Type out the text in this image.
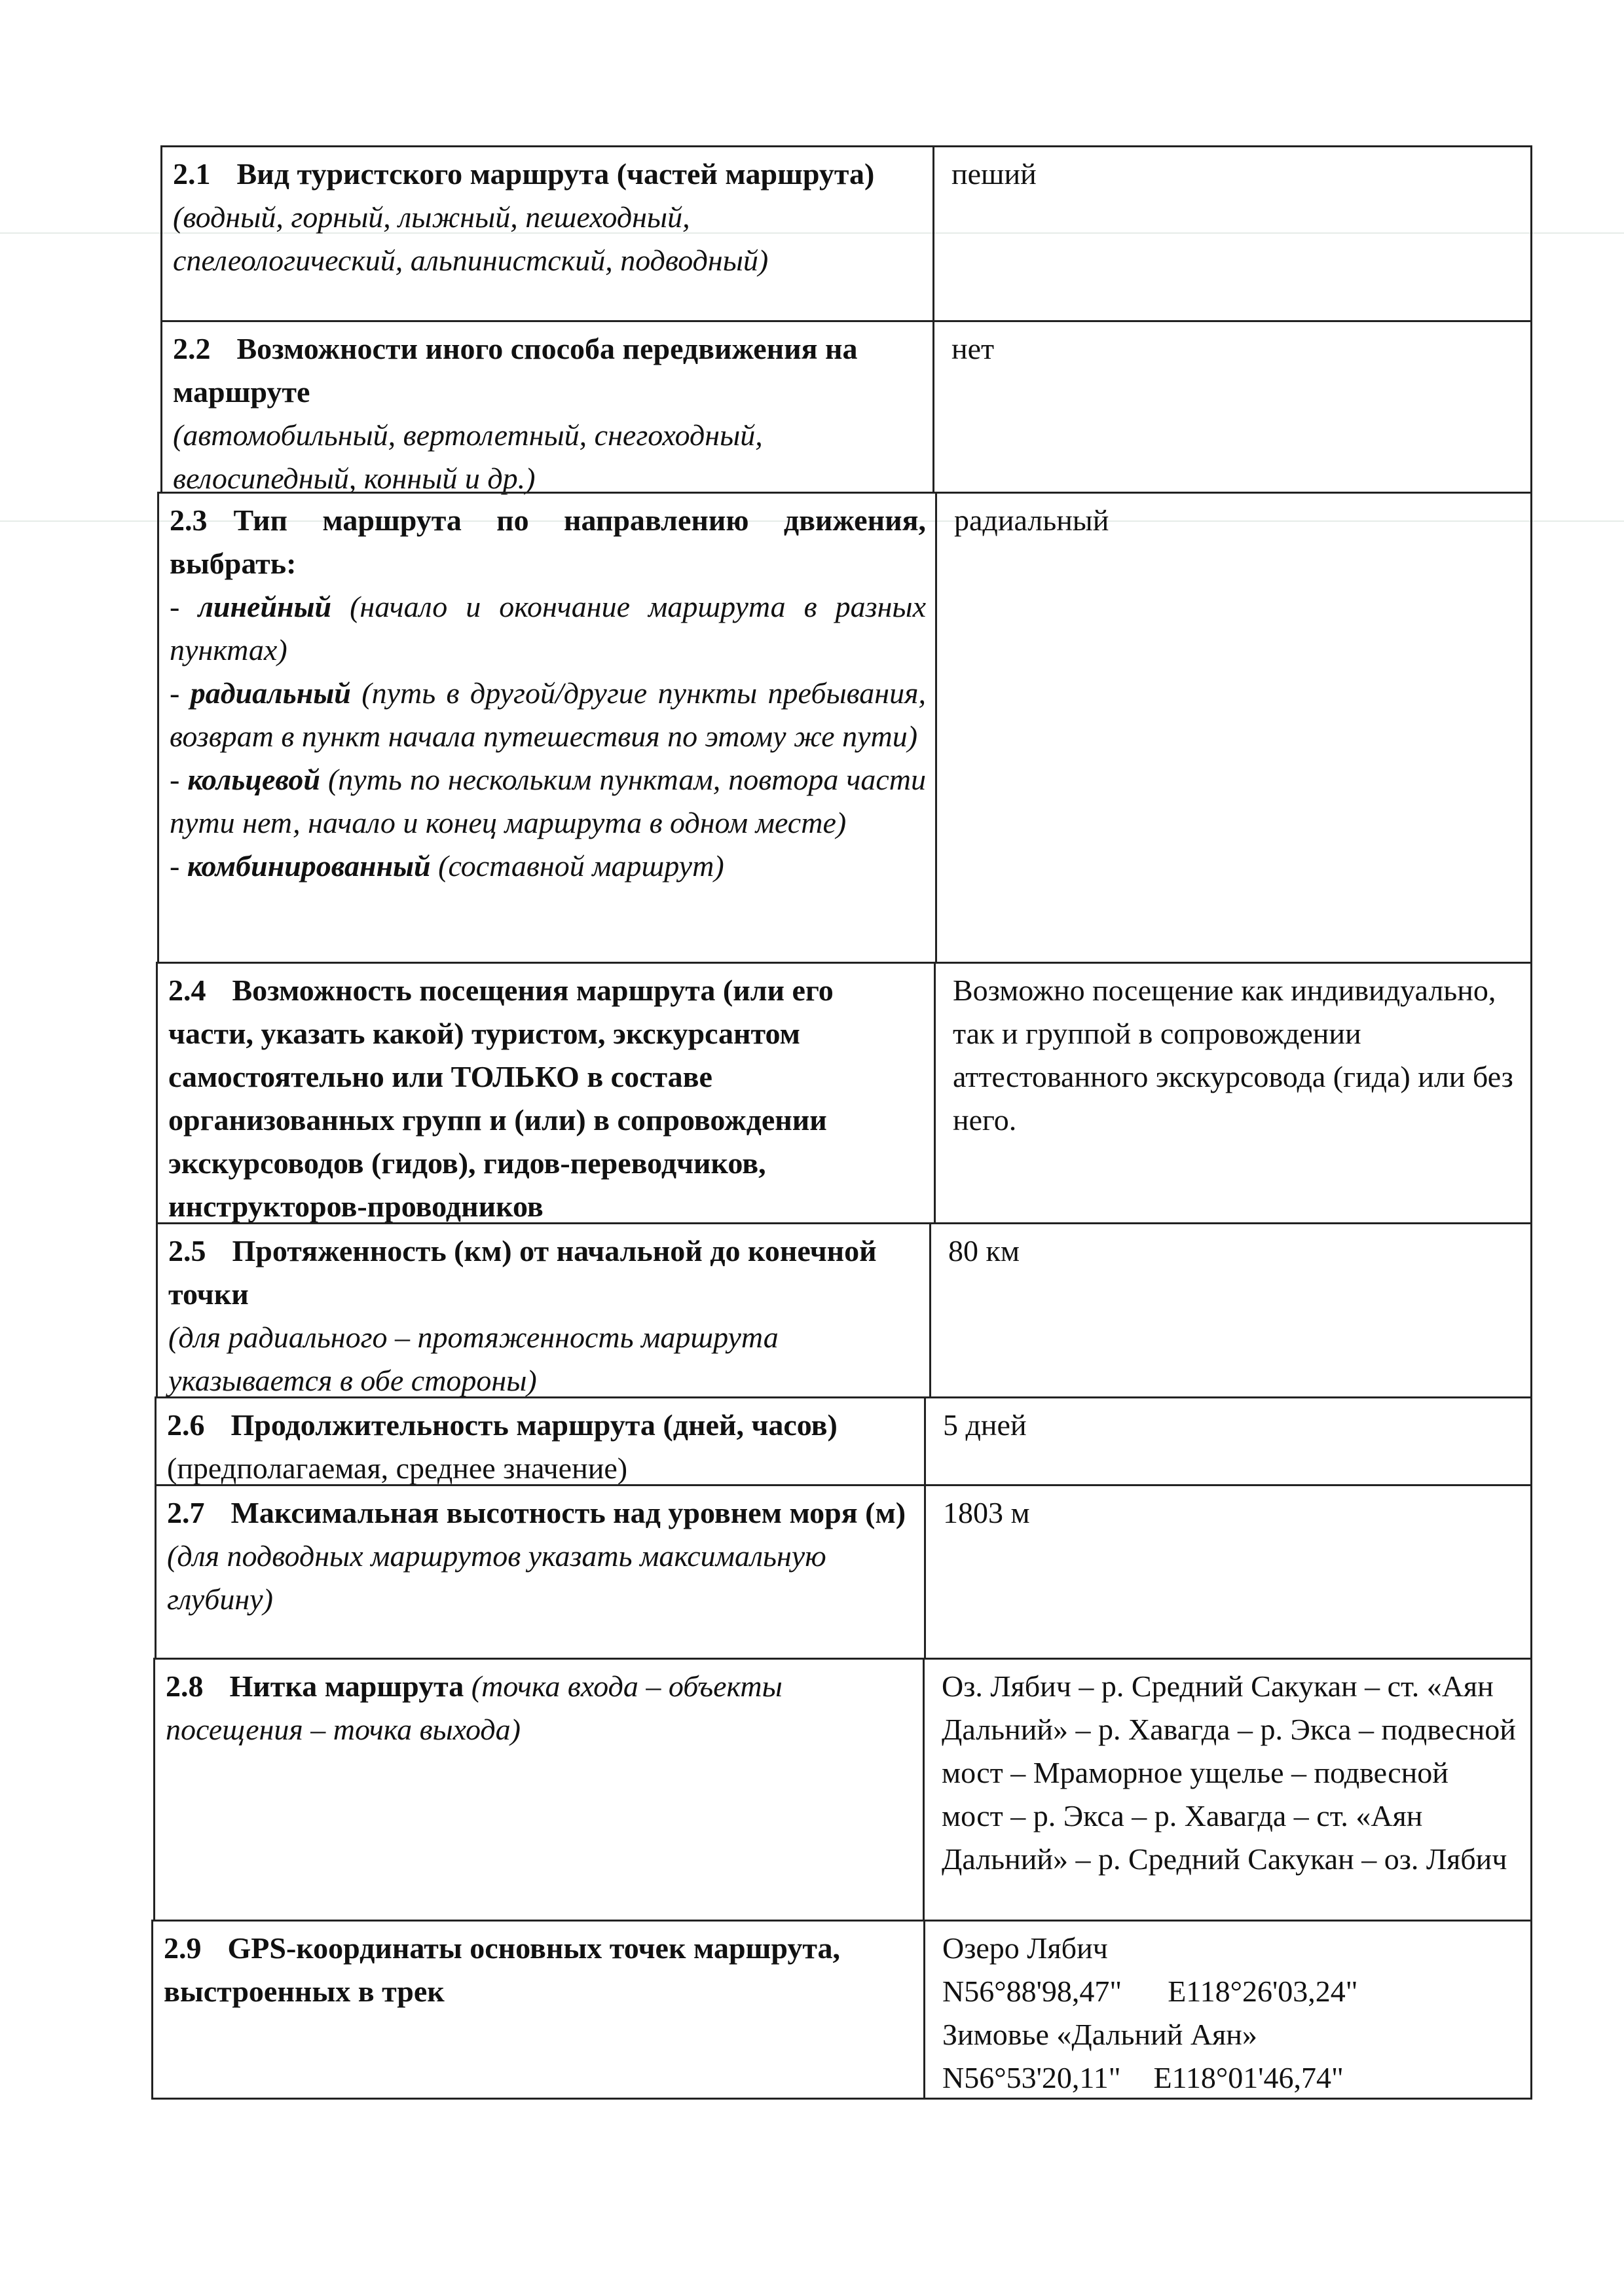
2.1 Вид туристского маршрута (частей маршрута)
(водный, горный, лыжный, пешеходный, спелеологический, альпинистский, подводный)
пеший
2.2 Возможности иного способа передвижения на маршруте
(автомобильный, вертолетный, снегоходный, велосипедный, конный и др.)
нет
2.3 Тип маршрута по направлению движения, выбрать:
- линейный (начало и окончание маршрута в разных пунктах)
- радиальный (путь в другой/другие пункты пребывания, возврат в пункт начала путешествия по этому же пути)
- кольцевой (путь по нескольким пунктам, повтора части пути нет, начало и конец маршрута в одном месте)
- комбинированный (составной маршрут)
радиальный
2.4 Возможность посещения маршрута (или его части, указать какой) туристом, экскурсантом самостоятельно или ТОЛЬКО в составе организованных групп и (или) в сопровождении экскурсоводов (гидов), гидов-переводчиков, инструкторов-проводников
Возможно посещение как индивидуально, так и группой в сопровождении аттестованного экскурсовода (гида) или без него.
2.5 Протяженность (км) от начальной до конечной точки
(для радиального – протяженность маршрута указывается в обе стороны)
80 км
2.6 Продолжительность маршрута (дней, часов)
(предполагаемая, среднее значение)
5 дней
2.7 Максимальная высотность над уровнем моря (м)
(для подводных маршрутов указать максимальную глубину)
1803 м
2.8 Нитка маршрута (точка входа – объекты посещения – точка выхода)
Оз. Лябич – р. Средний Сакукан – ст. «Аян Дальний» – р. Хавагда – р. Экса – подвесной мост – Мраморное ущелье – подвесной мост – р. Экса – р. Хавагда – ст. «Аян Дальний» – р. Средний Сакукан – оз. Лябич
2.9 GPS-координаты основных точек маршрута, выстроенных в трек
Озеро Лябич
N56°88'98,47" E118°26'03,24"
Зимовье «Дальний Аян»
N56°53'20,11" E118°01'46,74"
